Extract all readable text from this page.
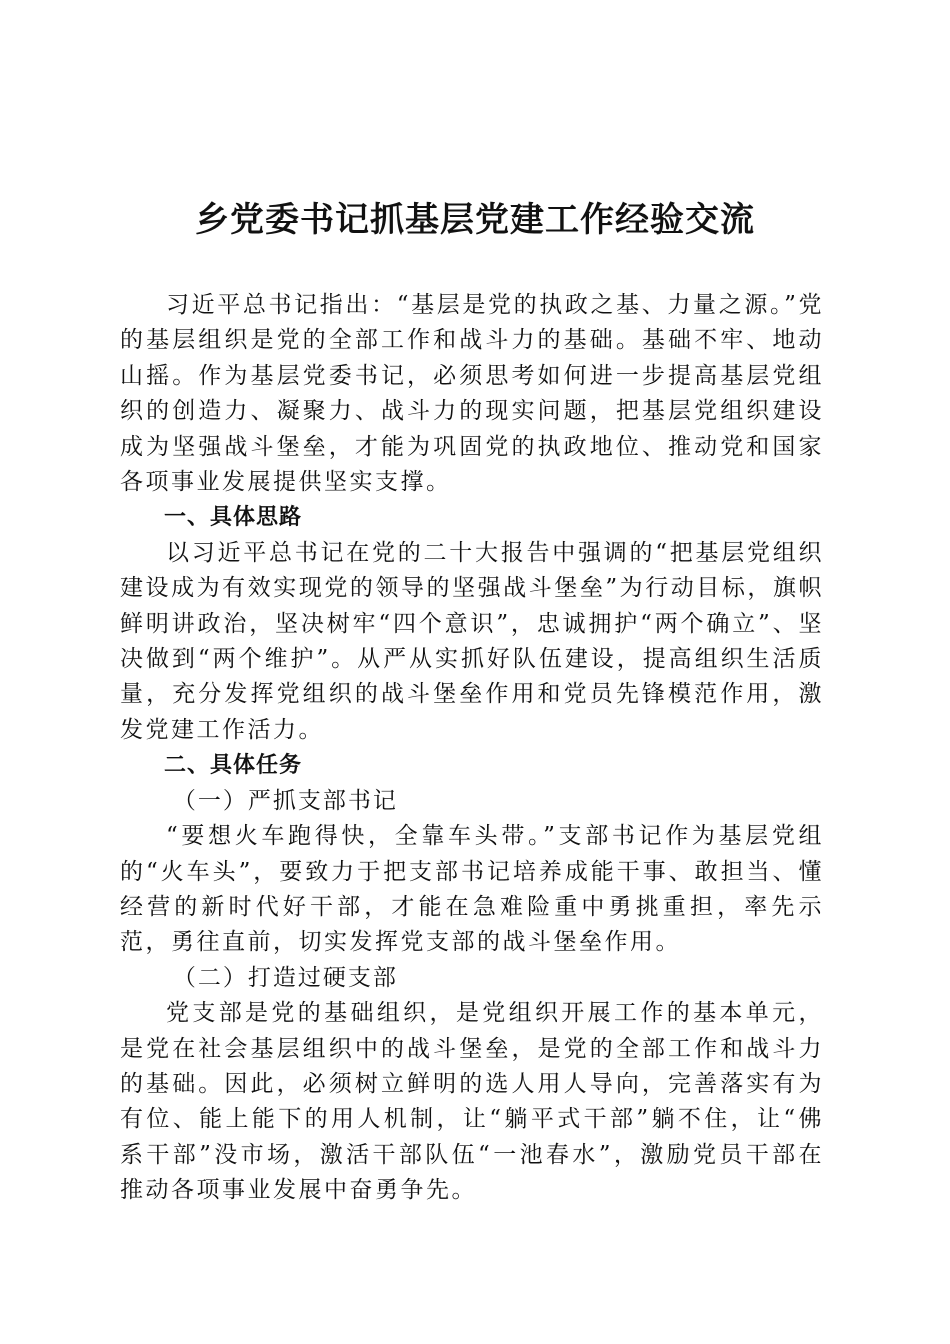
乡党委书记抓基层党建工作经验交流

习近平总书记指出：“基层是党的执政之基、力量之源。”党的基层组织是党的全部工作和战斗力的基础。基础不牢、地动山摇。作为基层党委书记，必须思考如何进一步提高基层党组织的创造力、凝聚力、战斗力的现实问题，把基层党组织建设成为坚强战斗堡垒，才能为巩固党的执政地位、推动党和国家各项事业发展提供坚实支撑。

一、具体思路

以习近平总书记在党的二十大报告中强调的“把基层党组织建设成为有效实现党的领导的坚强战斗堡垒”为行动目标，旗帜鲜明讲政治，坚决树牢“四个意识”，忠诚拥护“两个确立”、坚决做到“两个维护”。从严从实抓好队伍建设，提高组织生活质量，充分发挥党组织的战斗堡垒作用和党员先锋模范作用，激发党建工作活力。

二、具体任务

（一）严抓支部书记

“要想火车跑得快，全靠车头带。”支部书记作为基层党组的“火车头”，要致力于把支部书记培养成能干事、敢担当、懂经营的新时代好干部，才能在急难险重中勇挑重担，率先示范，勇往直前，切实发挥党支部的战斗堡垒作用。

（二）打造过硬支部

党支部是党的基础组织，是党组织开展工作的基本单元，是党在社会基层组织中的战斗堡垒，是党的全部工作和战斗力的基础。因此，必须树立鲜明的选人用人导向，完善落实有为有位、能上能下的用人机制，让“躺平式干部”躺不住，让“佛系干部”没市场，激活干部队伍“一池春水”，激励党员干部在推动各项事业发展中奋勇争先。
